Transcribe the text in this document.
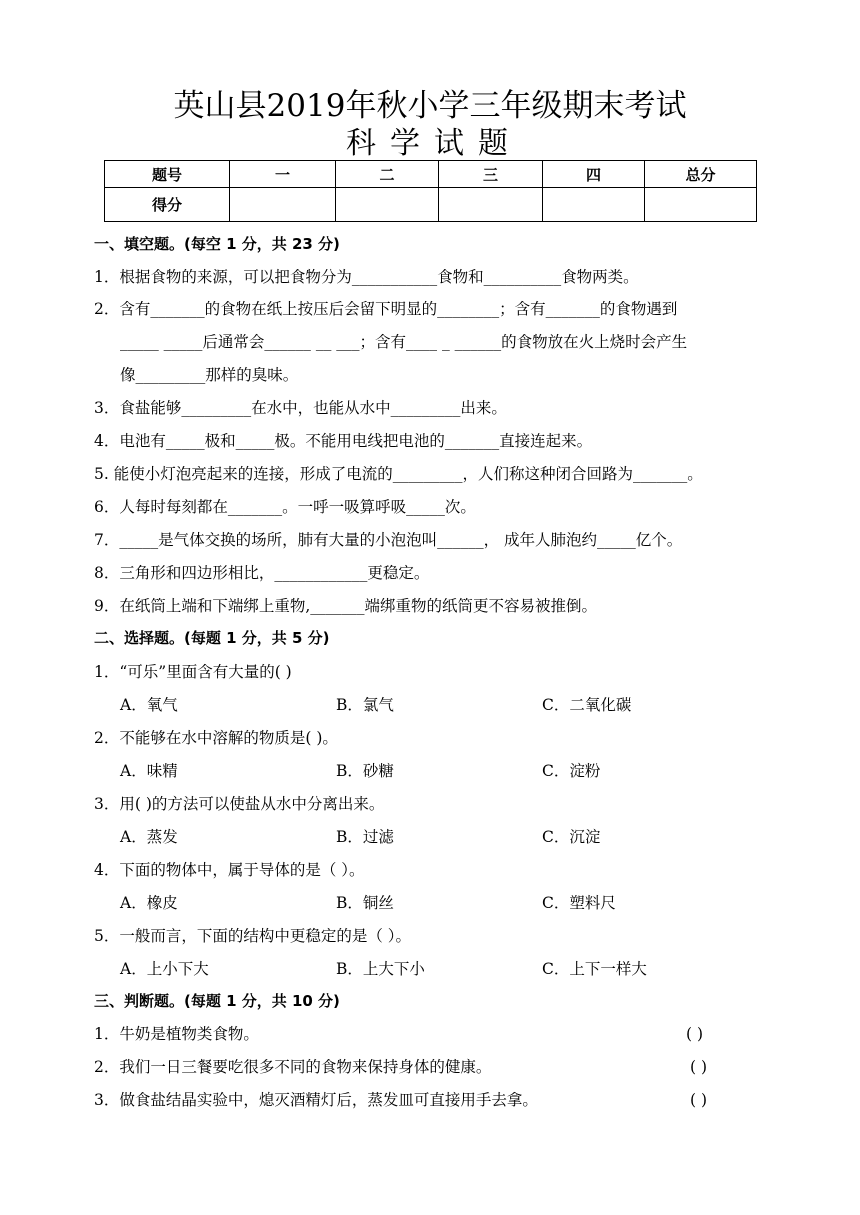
英山县2019年秋小学三年级期末考试
科学试题
题号	一	二	三	四	总分
得分					
一、填空题。(每空 1 分，共 23 分)
1．根据食物的来源，可以把食物分为___________食物和__________食物两类。
2．含有_______的食物在纸上按压后会留下明显的________；含有_______的食物遇到
_____ _____后通常会______ __ ___；含有____ _ ______的食物放在火上烧时会产生
像_________那样的臭味。
3．食盐能够_________在水中，也能从水中_________出来。
4．电池有_____极和_____极。不能用电线把电池的_______直接连起来。
5. 能使小灯泡亮起来的连接，形成了电流的_________，人们称这种闭合回路为_______。
6．人每时每刻都在_______。一呼一吸算呼吸_____次。
7．_____是气体交换的场所，肺有大量的小泡泡叫______， 成年人肺泡约_____亿个。
8．三角形和四边形相比，____________更稳定。
9．在纸筒上端和下端绑上重物,_______端绑重物的纸筒更不容易被推倒。
二、选择题。(每题 1 分，共 5 分)
1．“可乐”里面含有大量的( )
A．氧气	B．氯气	C．二氧化碳
2．不能够在水中溶解的物质是( )。
A．味精	B．砂糖	C．淀粉
3．用( )的方法可以使盐从水中分离出来。
A．蒸发	B．过滤	C．沉淀
4．下面的物体中，属于导体的是（ ）。
A．橡皮	B．铜丝	C．塑料尺
5．一般而言，下面的结构中更稳定的是（ ）。
A．上小下大	B．上大下小	C．上下一样大
三、判断题。(每题 1 分，共 10 分)
1．牛奶是植物类食物。	( )
2．我们一日三餐要吃很多不同的食物来保持身体的健康。	( )
3．做食盐结晶实验中，熄灭酒精灯后，蒸发皿可直接用手去拿。	( )
